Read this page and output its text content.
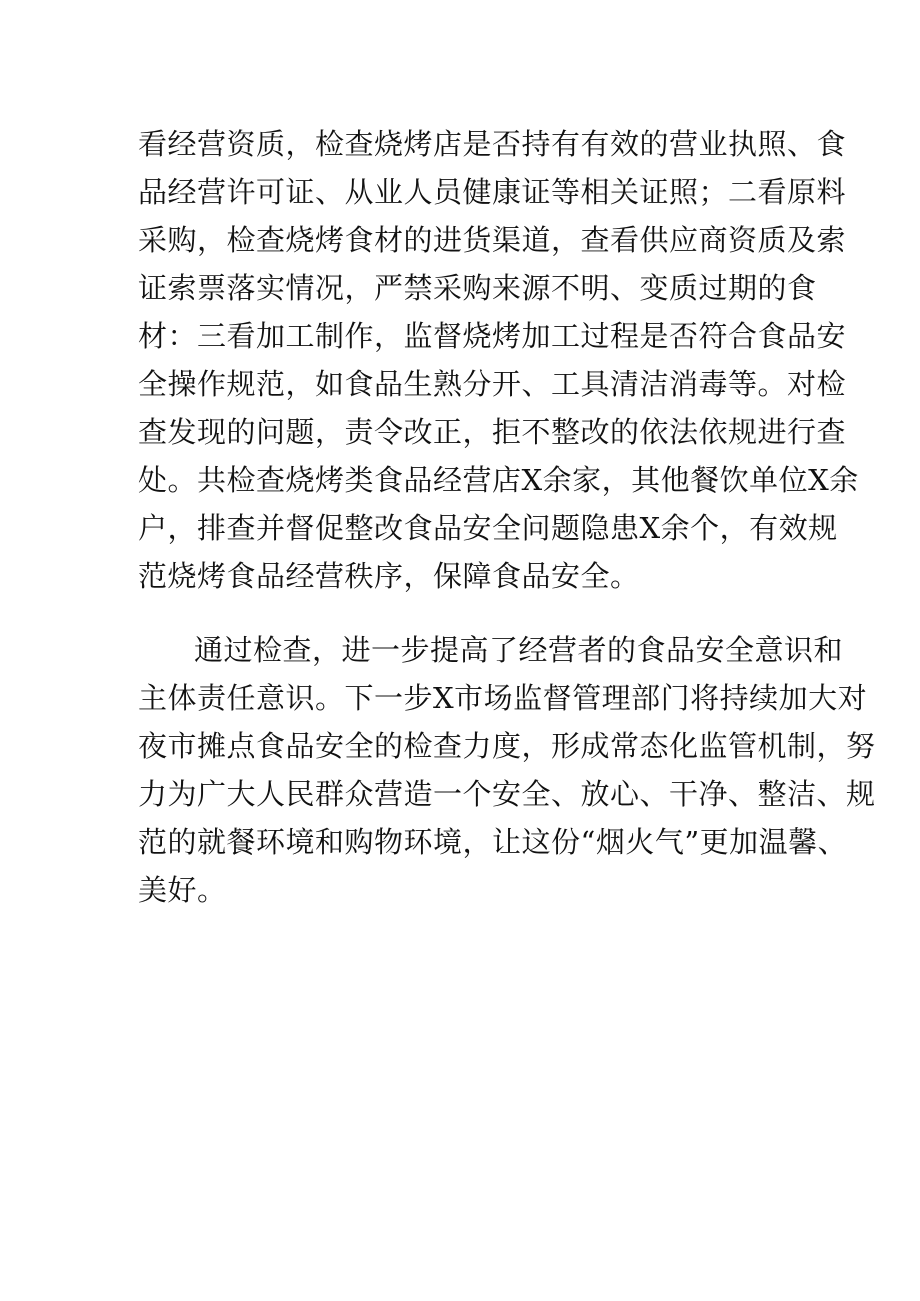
看经营资质，检查烧烤店是否持有有效的营业执照、食
品经营许可证、从业人员健康证等相关证照；二看原料
采购，检查烧烤食材的进货渠道，查看供应商资质及索
证索票落实情况，严禁采购来源不明、变质过期的食
材：三看加工制作，监督烧烤加工过程是否符合食品安
全操作规范，如食品生熟分开、工具清洁消毒等。对检
查发现的问题，责令改正，拒不整改的依法依规进行查
处。共检查烧烤类食品经营店X余家，其他餐饮单位X余
户，排查并督促整改食品安全问题隐患X余个，有效规
范烧烤食品经营秩序，保障食品安全。
通过检查，进一步提高了经营者的食品安全意识和
主体责任意识。下一步X市场监督管理部门将持续加大对
夜市摊点食品安全的检查力度，形成常态化监管机制，努
力为广大人民群众营造一个安全、放心、干净、整洁、规
范的就餐环境和购物环境，让这份“烟火气”更加温馨、
美好。
